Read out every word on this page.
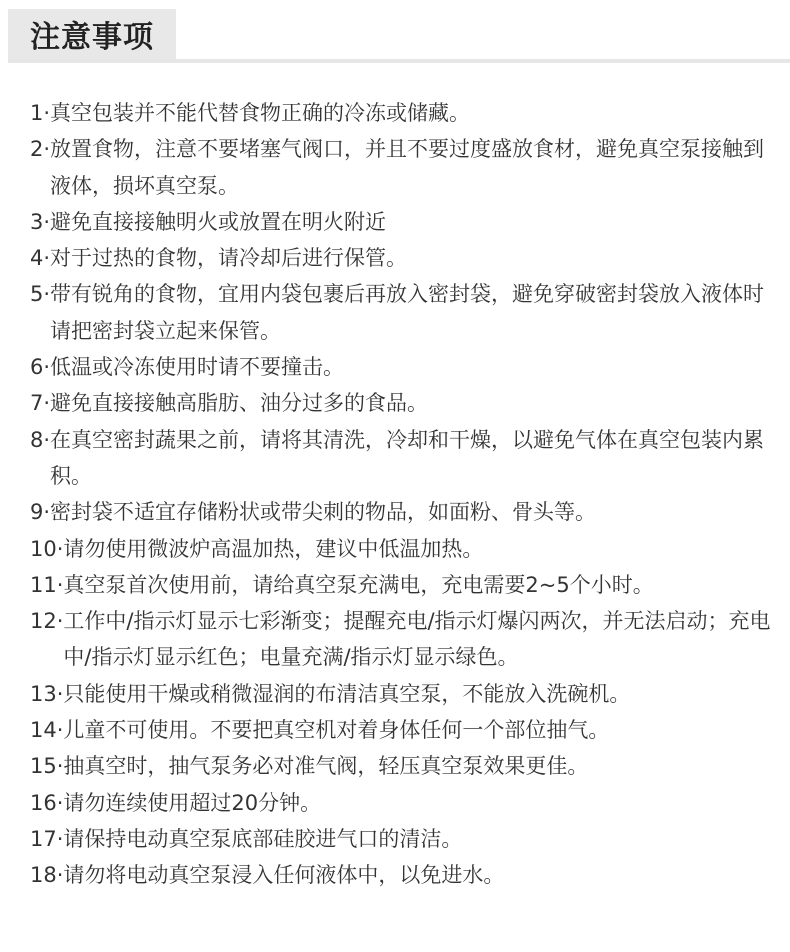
注意事项
1· 真空包装并不能代替食物正确的冷冻或储藏。
2· 放置食物，注意不要堵塞气阀口，并且不要过度盛放食材，避免真空泵接触到液体，损坏真空泵。
3· 避免直接接触明火或放置在明火附近
4· 对于过热的食物，请冷却后进行保管。
5· 带有锐角的食物，宜用内袋包裹后再放入密封袋，避免穿破密封袋放入液体时请把密封袋立起来保管。
6· 低温或冷冻使用时请不要撞击。
7· 避免直接接触高脂肪、油分过多的食品。
8· 在真空密封蔬果之前，请将其清洗，冷却和干燥，以避免气体在真空包装内累积。
9· 密封袋不适宜存储粉状或带尖刺的物品，如面粉、骨头等。
10· 请勿使用微波炉高温加热，建议中低温加热。
11· 真空泵首次使用前，请给真空泵充满电，充电需要2~5个小时。
12· 工作中/指示灯显示七彩渐变；提醒充电/指示灯爆闪两次，并无法启动；充电中/指示灯显示红色；电量充满/指示灯显示绿色。
13· 只能使用干燥或稍微湿润的布清洁真空泵，不能放入洗碗机。
14· 儿童不可使用。不要把真空机对着身体任何一个部位抽气。
15· 抽真空时，抽气泵务必对准气阀，轻压真空泵效果更佳。
16· 请勿连续使用超过20分钟。
17· 请保持电动真空泵底部硅胶进气口的清洁。
18· 请勿将电动真空泵浸入任何液体中，以免进水。
